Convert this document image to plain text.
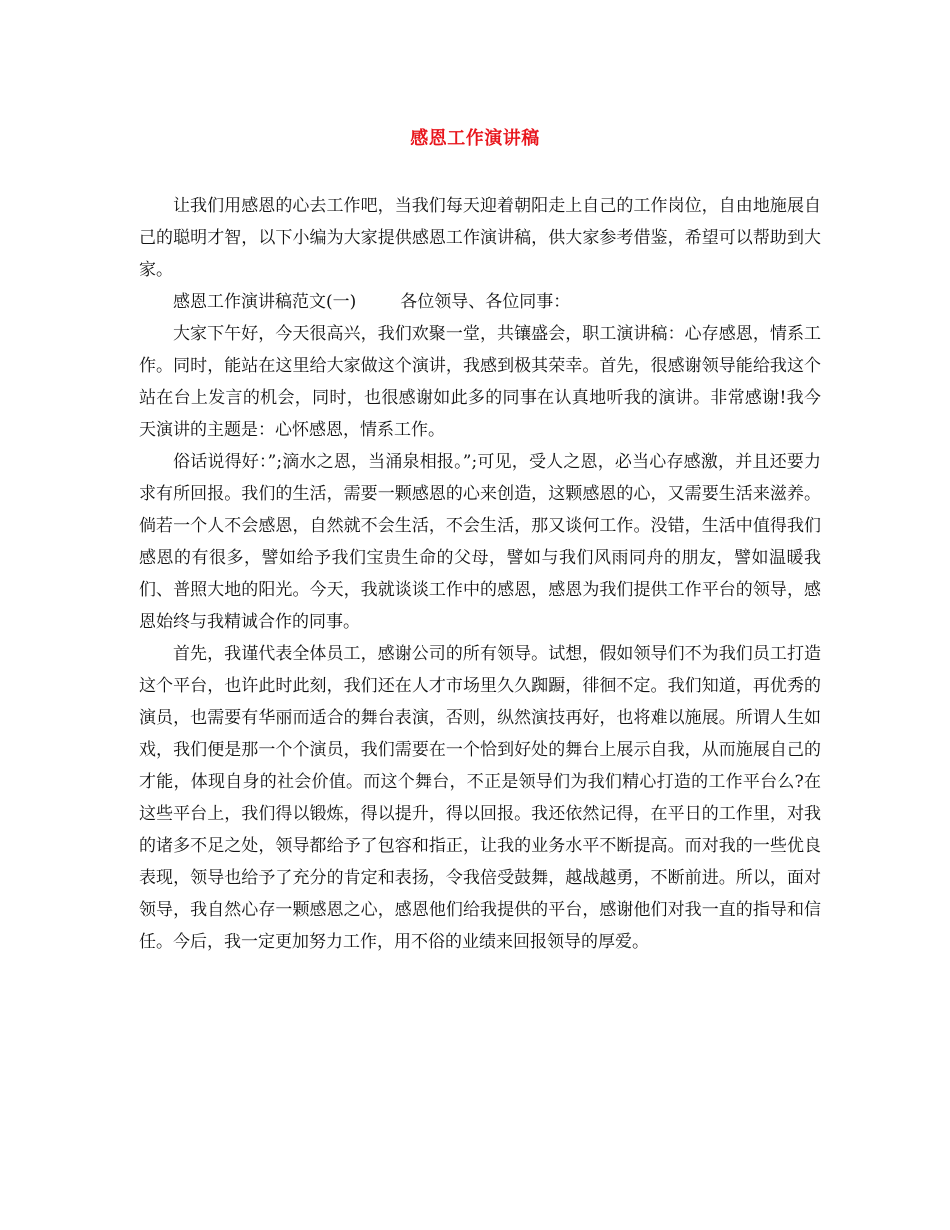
感恩工作演讲稿

让我们用感恩的心去工作吧，当我们每天迎着朝阳走上自己的工作岗位，自由地施展自己的聪明才智，以下小编为大家提供感恩工作演讲稿，供大家参考借鉴，希望可以帮助到大家。

感恩工作演讲稿范文(一)	各位领导、各位同事：

大家下午好，今天很高兴，我们欢聚一堂，共镶盛会，职工演讲稿：心存感恩，情系工作。同时，能站在这里给大家做这个演讲，我感到极其荣幸。首先，很感谢领导能给我这个站在台上发言的机会，同时，也很感谢如此多的同事在认真地听我的演讲。非常感谢!我今天演讲的主题是：心怀感恩，情系工作。

俗话说得好：”;滴水之恩，当涌泉相报。”;可见，受人之恩，必当心存感激，并且还要力求有所回报。我们的生活，需要一颗感恩的心来创造，这颗感恩的心，又需要生活来滋养。倘若一个人不会感恩，自然就不会生活，不会生活，那又谈何工作。没错，生活中值得我们感恩的有很多，譬如给予我们宝贵生命的父母，譬如与我们风雨同舟的朋友，譬如温暖我们、普照大地的阳光。今天，我就谈谈工作中的感恩，感恩为我们提供工作平台的领导，感恩始终与我精诚合作的同事。

首先，我谨代表全体员工，感谢公司的所有领导。试想，假如领导们不为我们员工打造这个平台，也许此时此刻，我们还在人才市场里久久踟蹰，徘徊不定。我们知道，再优秀的演员，也需要有华丽而适合的舞台表演，否则，纵然演技再好，也将难以施展。所谓人生如戏，我们便是那一个个演员，我们需要在一个恰到好处的舞台上展示自我，从而施展自己的才能，体现自身的社会价值。而这个舞台，不正是领导们为我们精心打造的工作平台么?在这些平台上，我们得以锻炼，得以提升，得以回报。我还依然记得，在平日的工作里，对我的诸多不足之处，领导都给予了包容和指正，让我的业务水平不断提高。而对我的一些优良表现，领导也给予了充分的肯定和表扬，令我倍受鼓舞，越战越勇，不断前进。所以，面对领导，我自然心存一颗感恩之心，感恩他们给我提供的平台，感谢他们对我一直的指导和信任。今后，我一定更加努力工作，用不俗的业绩来回报领导的厚爱。
